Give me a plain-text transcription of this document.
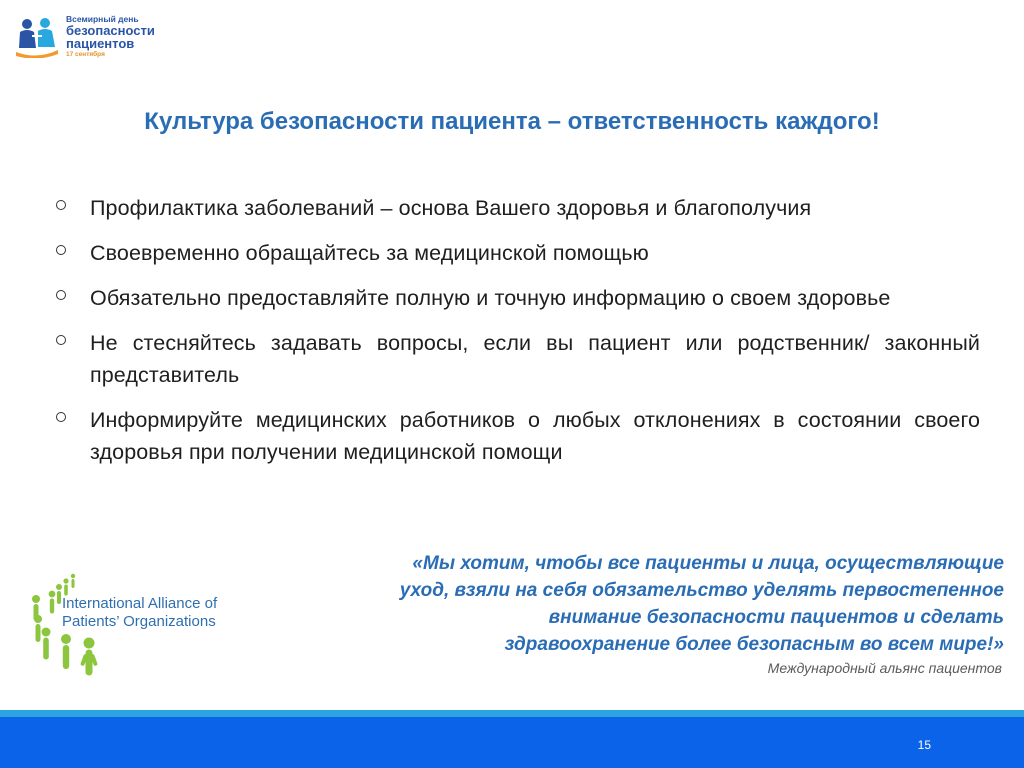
Всемирный день
безопасности
пациентов
17 сентября
Культура безопасности пациента – ответственность каждого!
Профилактика заболеваний – основа Вашего здоровья и благополучия
Своевременно обращайтесь за медицинской помощью
Обязательно предоставляйте полную и точную информацию о своем здоровье
Не стесняйтесь задавать вопросы, если вы пациент или родственник/ законный представитель
Информируйте медицинских работников о любых отклонениях в состоянии своего здоровья при получении медицинской помощи
International Alliance of
Patients’ Organizations
«Мы хотим, чтобы все пациенты и лица, осуществляющие
уход, взяли на себя обязательство уделять первостепенное
внимание безопасности пациентов и сделать
здравоохранение более безопасным во всем мире!»
Международный альянс пациентов
15
